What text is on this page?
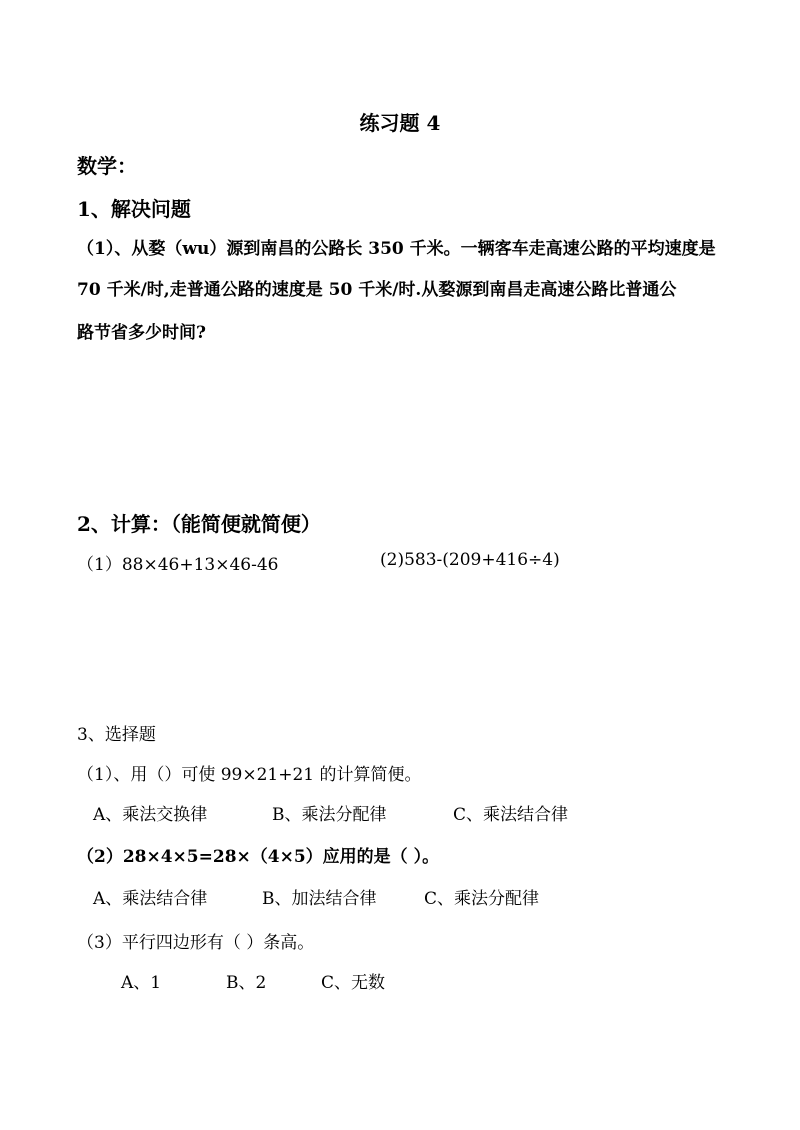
练习题 4
数学：
1、解决问题
（1）、从婺（wu）源到南昌的公路长 350 千米。一辆客车走高速公路的平均速度是
70 千米/时,走普通公路的速度是 50 千米/时.从婺源到南昌走高速公路比普通公
路节省多少时间?
2、计算：（能简便就简便）
（1）88×46+13×46-46	(2)583-(209+416÷4)
3、选择题
（1）、用（）可使 99×21+21 的计算简便。
A、乘法交换律	B、乘法分配律	C、乘法结合律
（2）28×4×5=28×（4×5）应用的是（ ）。
A、乘法结合律	B、加法结合律	C、乘法分配律
（3）平行四边形有（ ）条高。
A、1	B、2	C、无数
